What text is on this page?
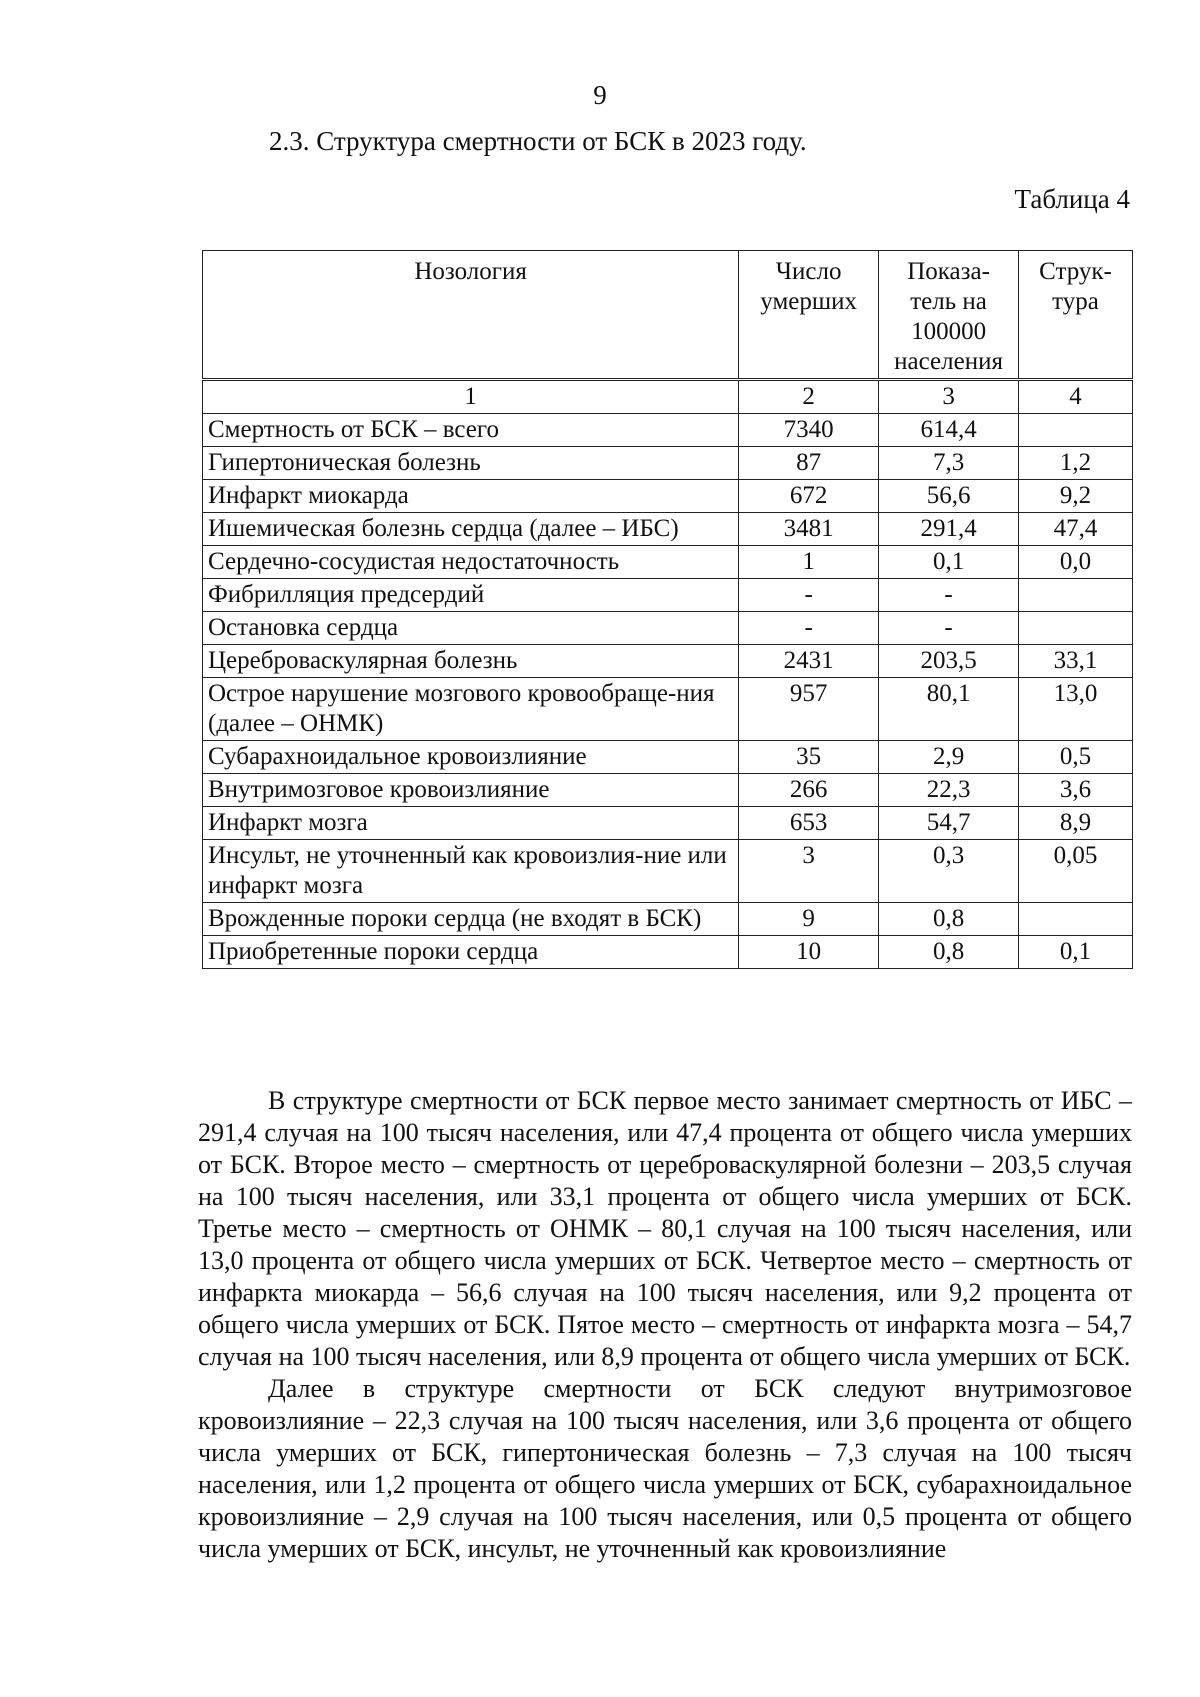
9
2.3. Структура смертности от БСК в 2023 году.
Таблица 4
Нозология	Число умерших	Показа-тель на 100000 населения	Струк-тура
1	2	3	4
Смертность от БСК – всего	7340	614,4	
Гипертоническая болезнь	87	7,3	1,2
Инфаркт миокарда	672	56,6	9,2
Ишемическая болезнь сердца (далее – ИБС)	3481	291,4	47,4
Сердечно-сосудистая недостаточность	1	0,1	0,0
Фибрилляция предсердий	-	-	
Остановка сердца	-	-	
Цереброваскулярная болезнь	2431	203,5	33,1
Острое нарушение мозгового кровообраще-ния (далее – ОНМК)	957	80,1	13,0
Субарахноидальное кровоизлияние	35	2,9	0,5
Внутримозговое кровоизлияние	266	22,3	3,6
Инфаркт мозга	653	54,7	8,9
Инсульт, не уточненный как кровоизлия-ние или инфаркт мозга	3	0,3	0,05
Врожденные пороки сердца (не входят в БСК)	9	0,8	
Приобретенные пороки сердца	10	0,8	0,1

В структуре смертности от БСК первое место занимает смертность от ИБС – 291,4 случая на 100 тысяч населения, или 47,4 процента от общего числа умерших от БСК. Второе место – смертность от цереброваскулярной болезни – 203,5 случая на 100 тысяч населения, или 33,1 процента от общего числа умерших от БСК. Третье место – смертность от ОНМК – 80,1 случая на 100 тысяч населения, или 13,0 процента от общего числа умерших от БСК. Четвертое место – смертность от инфаркта миокарда – 56,6 случая на 100 тысяч населения, или 9,2 процента от общего числа умерших от БСК. Пятое место – смертность от инфаркта мозга – 54,7 случая на 100 тысяч населения, или 8,9 процента от общего числа умерших от БСК.

Далее в структуре смертности от БСК следуют внутримозговое кровоизлияние – 22,3 случая на 100 тысяч населения, или 3,6 процента от общего числа умерших от БСК, гипертоническая болезнь – 7,3 случая на 100 тысяч населения, или 1,2 процента от общего числа умерших от БСК, субарахноидальное кровоизлияние – 2,9 случая на 100 тысяч населения, или 0,5 процента от общего числа умерших от БСК, инсульт, не уточненный как кровоизлияние
